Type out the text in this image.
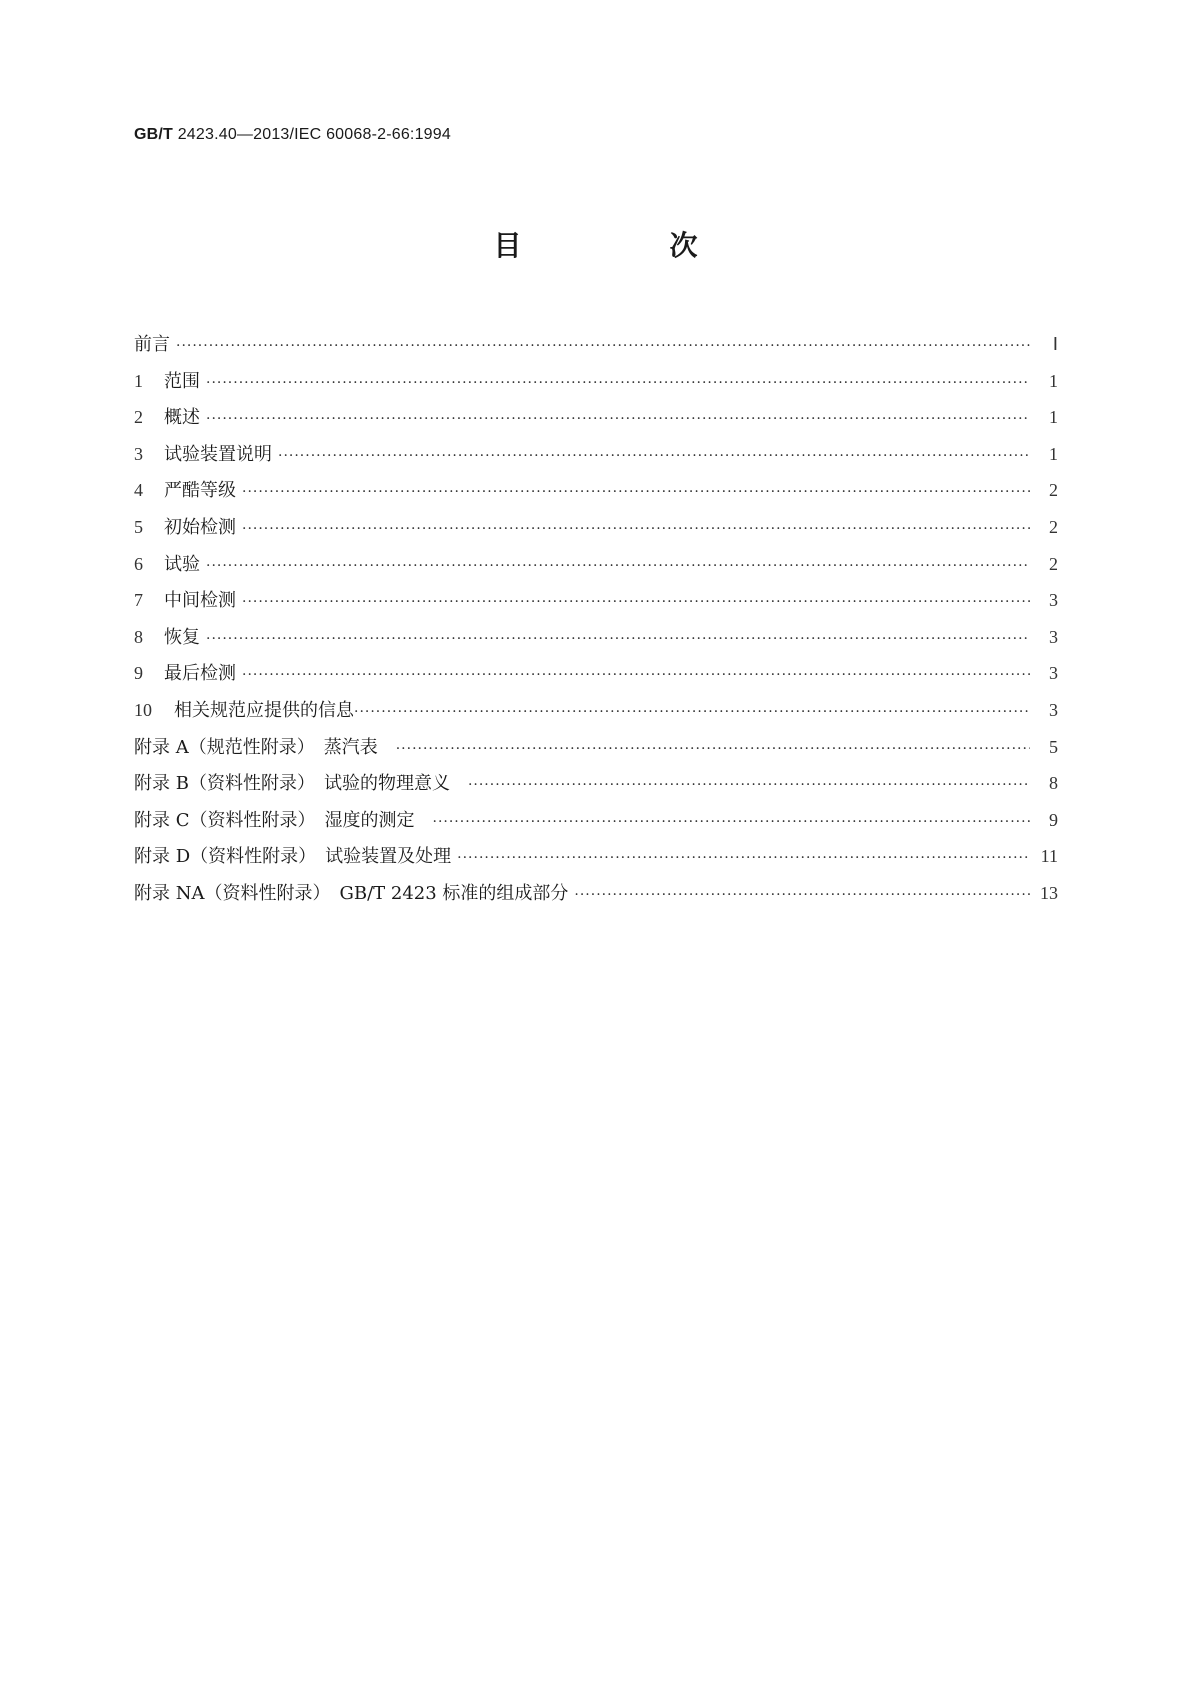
GB/T 2423.40—2013/IEC 60068-2-66:1994
目　次
前言 ·····	Ⅰ
1 范围 ·····	1
2 概述 ·····	1
3 试验装置说明 ·····	1
4 严酷等级 ·····	2
5 初始检测 ·····	2
6 试验 ·····	2
7 中间检测 ·····	3
8 恢复 ·····	3
9 最后检测 ·····	3
10 相关规范应提供的信息 ·····	3
附录 A（规范性附录）　蒸汽表 ·····	5
附录 B（资料性附录）　试验的物理意义 ·····	8
附录 C（资料性附录）　湿度的测定 ·····	9
附录 D（资料性附录）　试验装置及处理 ·····	11
附录 NA（资料性附录）　GB/T 2423 标准的组成部分 ·····	13
